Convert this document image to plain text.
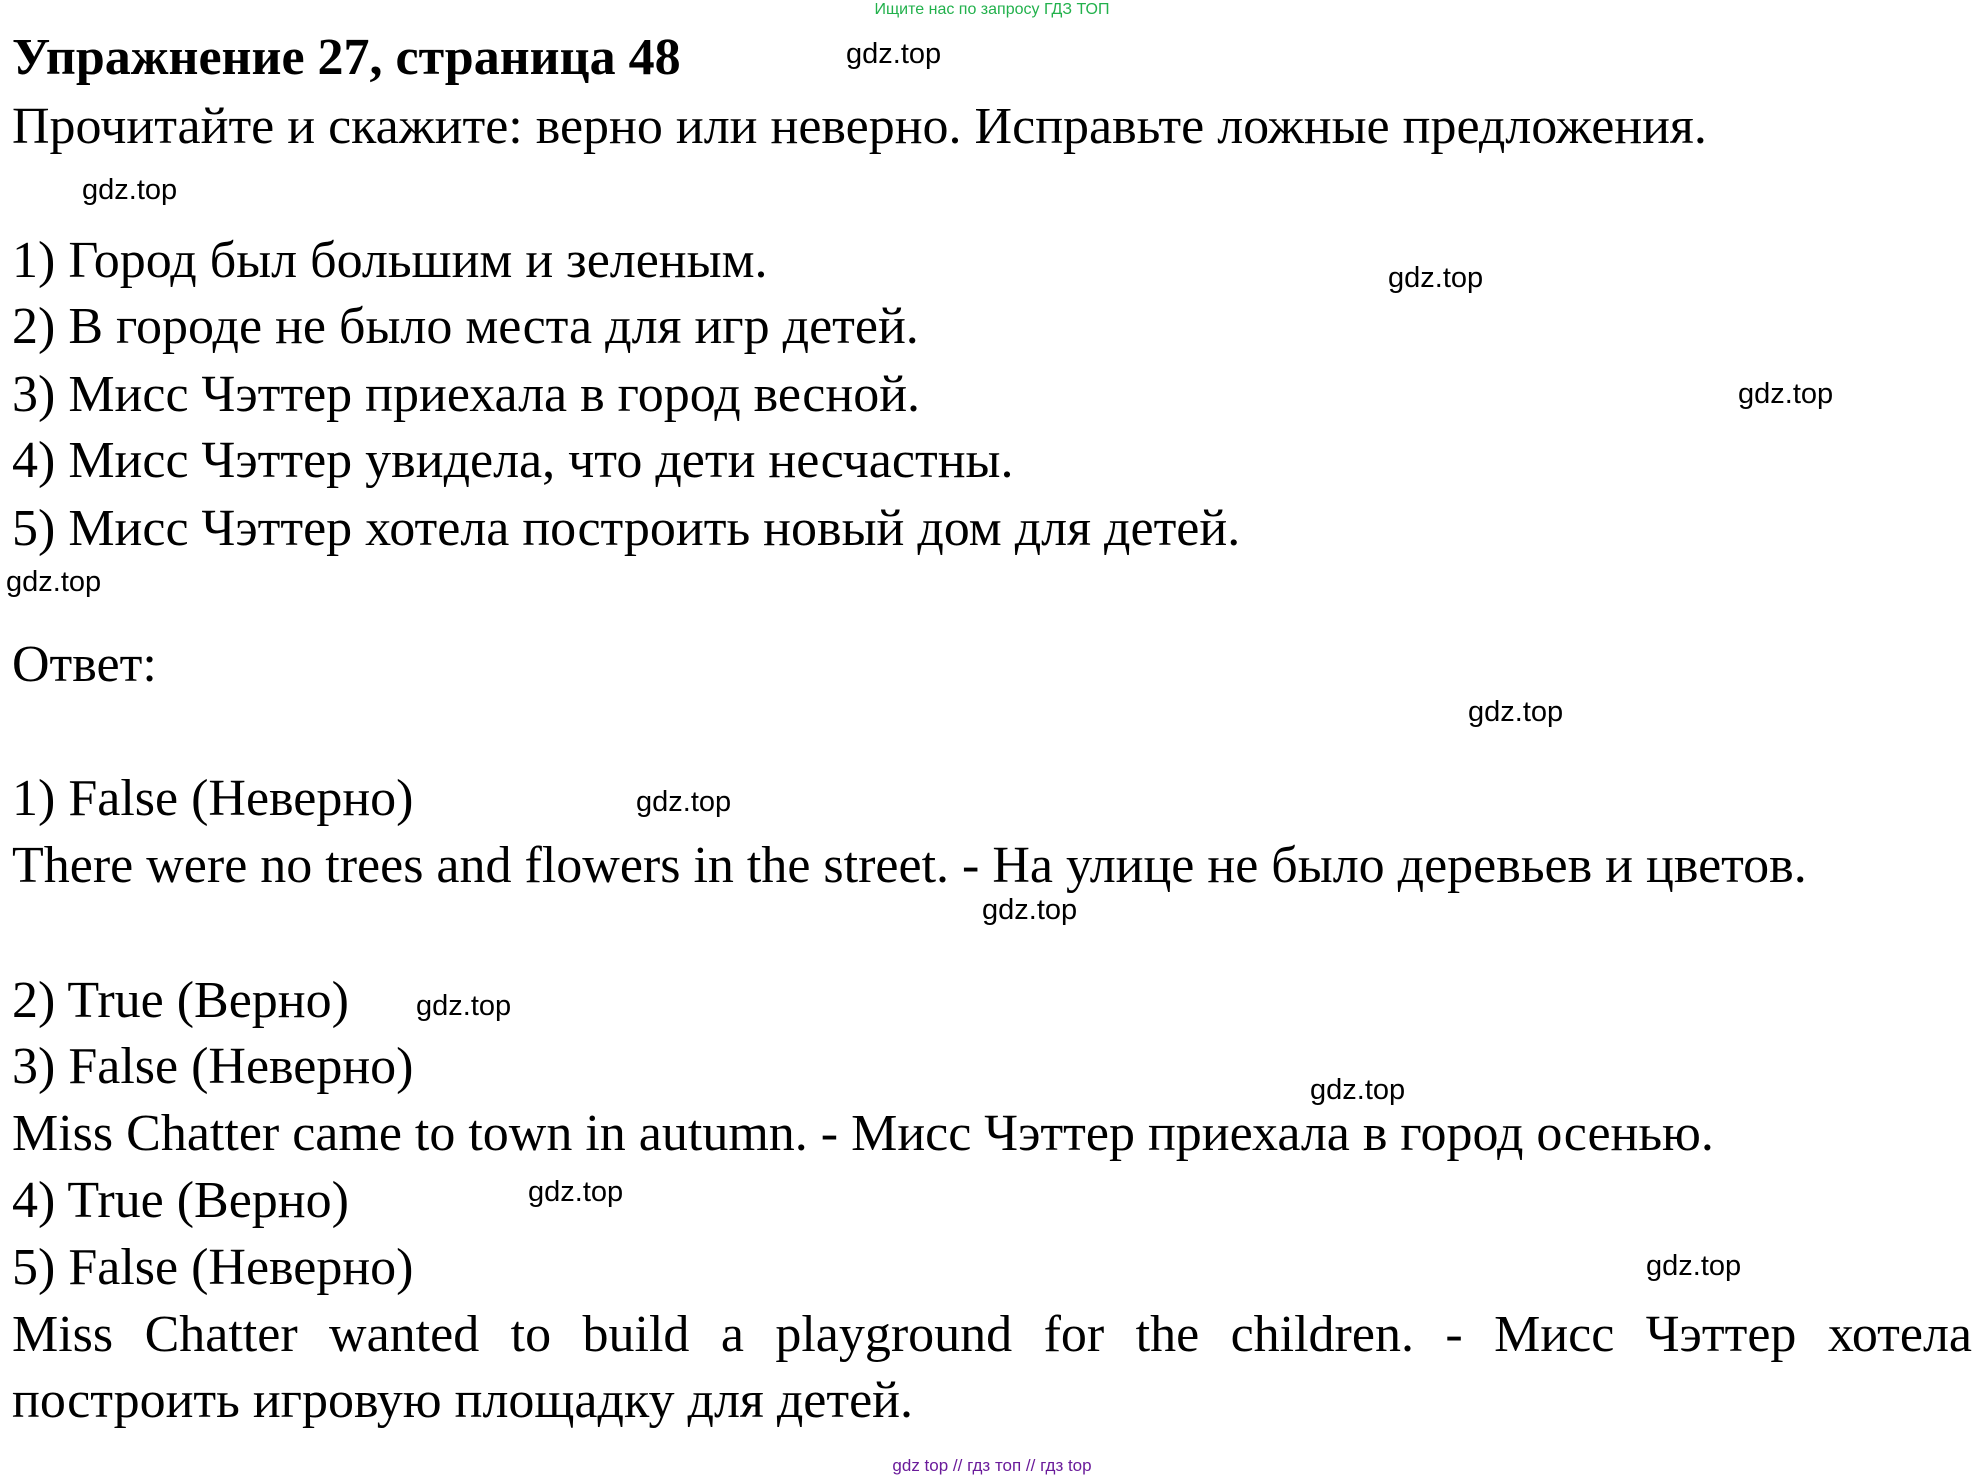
Ищите нас по запросу ГДЗ ТОП
Упражнение 27, страница 48
Прочитайте и скажите: верно или неверно. Исправьте ложные предложения.
1) Город был большим и зеленым.
2) В городе не было места для игр детей.
3) Мисс Чэттер приехала в город весной.
4) Мисс Чэттер увидела, что дети несчастны.
5) Мисс Чэттер хотела построить новый дом для детей.
Ответ:
1) False (Неверно)
There were no trees and flowers in the street. - На улице не было деревьев и цветов.
2) True (Верно)
3) False (Неверно)
Miss Chatter came to town in autumn. - Мисс Чэттер приехала в город осенью.
4) True (Верно)
5) False (Неверно)
Miss Chatter wanted to build a playground for the children. - Мисс Чэттер хотела построить игровую площадку для детей.
gdz.top
gdz.top
gdz.top
gdz.top
gdz.top
gdz.top
gdz.top
gdz.top
gdz.top
gdz.top
gdz.top
gdz.top
gdz top // гдз топ // гдз top
